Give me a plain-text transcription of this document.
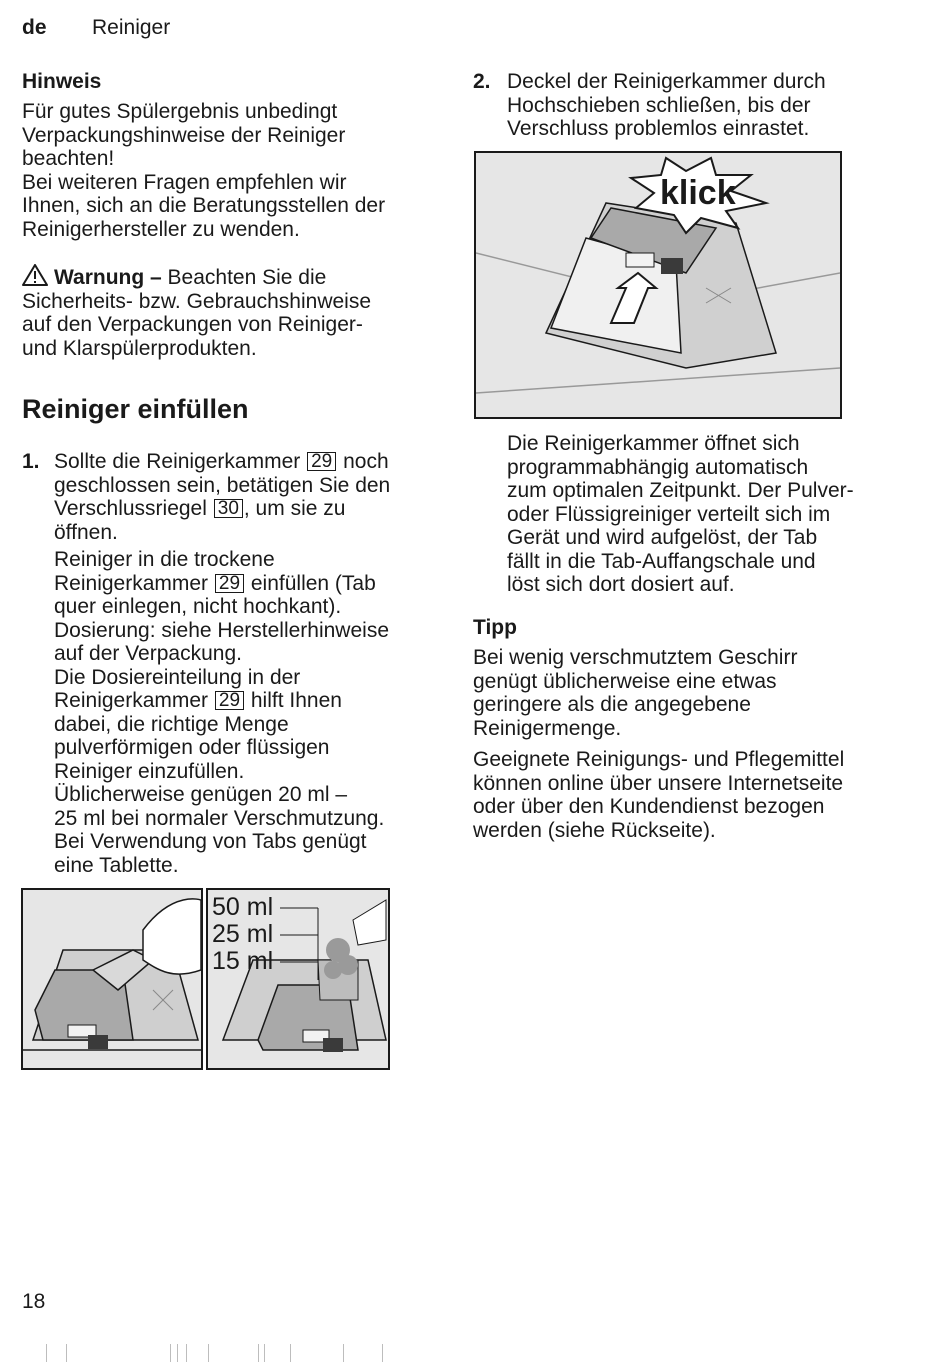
de Reiniger
Hinweis

Für gutes Spülergebnis unbedingt

Verpackungshinweise der Reiniger

beachten!

Bei weiteren Fragen empfehlen wir

Ihnen, sich an die Beratungsstellen der

Reinigerhersteller zu wenden.

Warnung – Beachten Sie die

Sicherheits- bzw. Gebrauchshinweise

auf den Verpackungen von Reiniger-

und Klarspülerprodukten.

Reiniger einfüllen
1. Sollte die Reinigerkammer 29 noch

geschlossen sein, betätigen Sie den

Verschlussriegel 30 , um sie zu

öffnen.

Reiniger in die trockene

Reinigerkammer 29 einfüllen (Tab

quer einlegen, nicht hochkant).

Dosierung: siehe Herstellerhinweise

auf der Verpackung.

Die Dosiereinteilung in der

Reinigerkammer 29 hilft Ihnen

dabei, die richtige Menge

pulverförmigen oder flüssigen

Reiniger einzufüllen.

Üblicherweise genügen 20 ml –

25 ml bei normaler Verschmutzung.

Bei Verwendung von Tabs genügt

eine Tablette.

50 ml
25 ml
15 ml
2. Deckel der Reinigerkammer durch

Hochschieben schließen, bis der

Verschluss problemlos einrastet.

klick

Die Reinigerkammer öffnet sich

programmabhängig automatisch

zum optimalen Zeitpunkt. Der Pulver-

oder Flüssigreiniger verteilt sich im

Gerät und wird aufgelöst, der Tab

fällt in die Tab-Auffangschale und

löst sich dort dosiert auf.

Tipp

Bei wenig verschmutztem Geschirr

genügt üblicherweise eine etwas

geringere als die angegebene

Reinigermenge.

Geeignete Reinigungs- und Pflegemittel

können online über unsere Internetseite

oder über den Kundendienst bezogen

werden (siehe Rückseite).

18
